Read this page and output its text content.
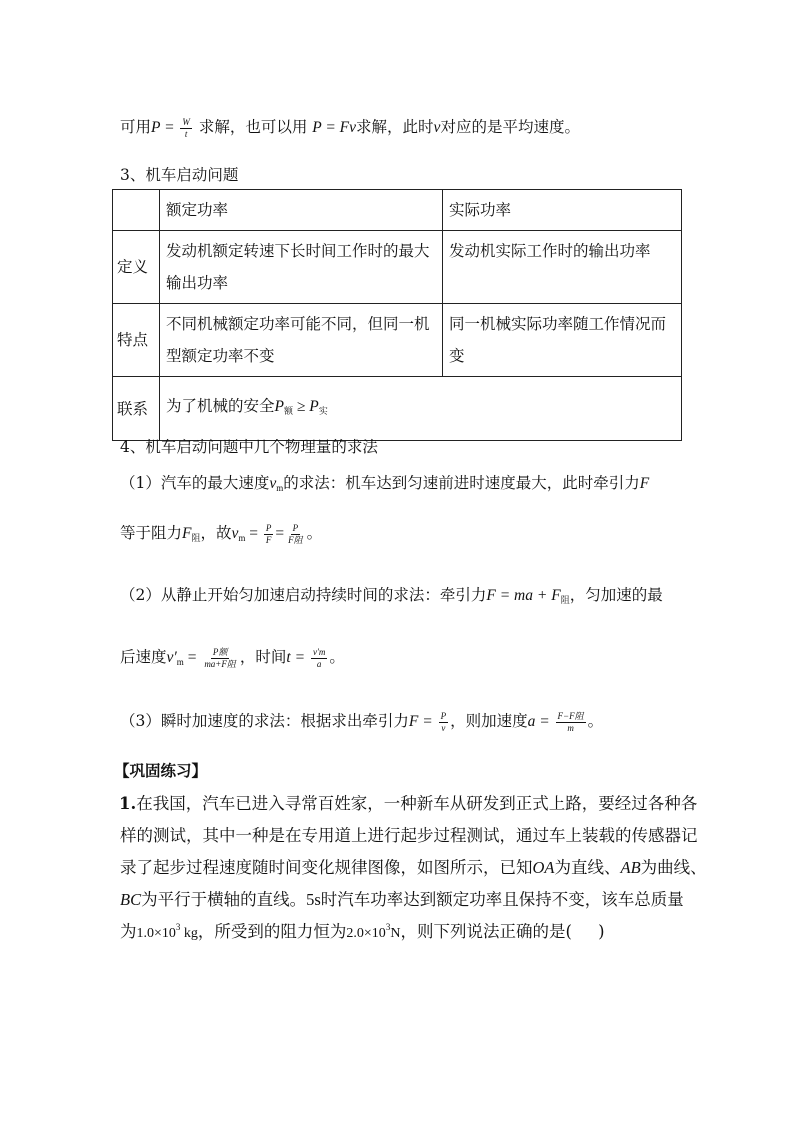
可用$P = \frac{W}{t}$ 求解，也可以用 P = Fv求解，此时v对应的是平均速度。
3、机车启动问题
	额定功率	实际功率
定义	发动机额定转速下长时间工作时的最大输出功率	发动机实际工作时的输出功率
特点	不同机械额定功率可能不同，但同一机型额定功率不变	同一机械实际功率随工作情况而变
联系	为了机械的安全$P_额 \ge P_实$
4、机车启动问题中几个物理量的求法
（1）汽车的最大速度$v_m$的求法：机车达到匀速前进时速度最大，此时牵引力F
等于阻力$F_阻$，故$v_m = \frac{P}{F} = \frac{P}{\text{F阻}}$ 。
（2）从静止开始匀加速启动持续时间的求法：牵引力F = ma + $F_阻$，匀加速的最
后速度$v'_m = \frac{\text{P额}}{\text{ma+F阻}}$ ，时间$t = \frac{v'm}{a}$ 。
（3）瞬时加速度的求法：根据求出牵引力$F = \frac{P}{v}$ ，则加速度$a = \frac{\text{F−F阻}}{m}$ 。
【巩固练习】
1.在我国，汽车已进入寻常百姓家，一种新车从研发到正式上路，要经过各种各
样的测试，其中一种是在专用道上进行起步过程测试，通过车上装载的传感器记
录了起步过程速度随时间变化规律图像，如图所示，已知OA为直线、AB为曲线、
BC为平行于横轴的直线。5s时汽车功率达到额定功率且保持不变，该车总质量
为$1.0\times 10^3$ kg，所受到的阻力恒为$2.0\times 10^3N$，则下列说法正确的是( )
